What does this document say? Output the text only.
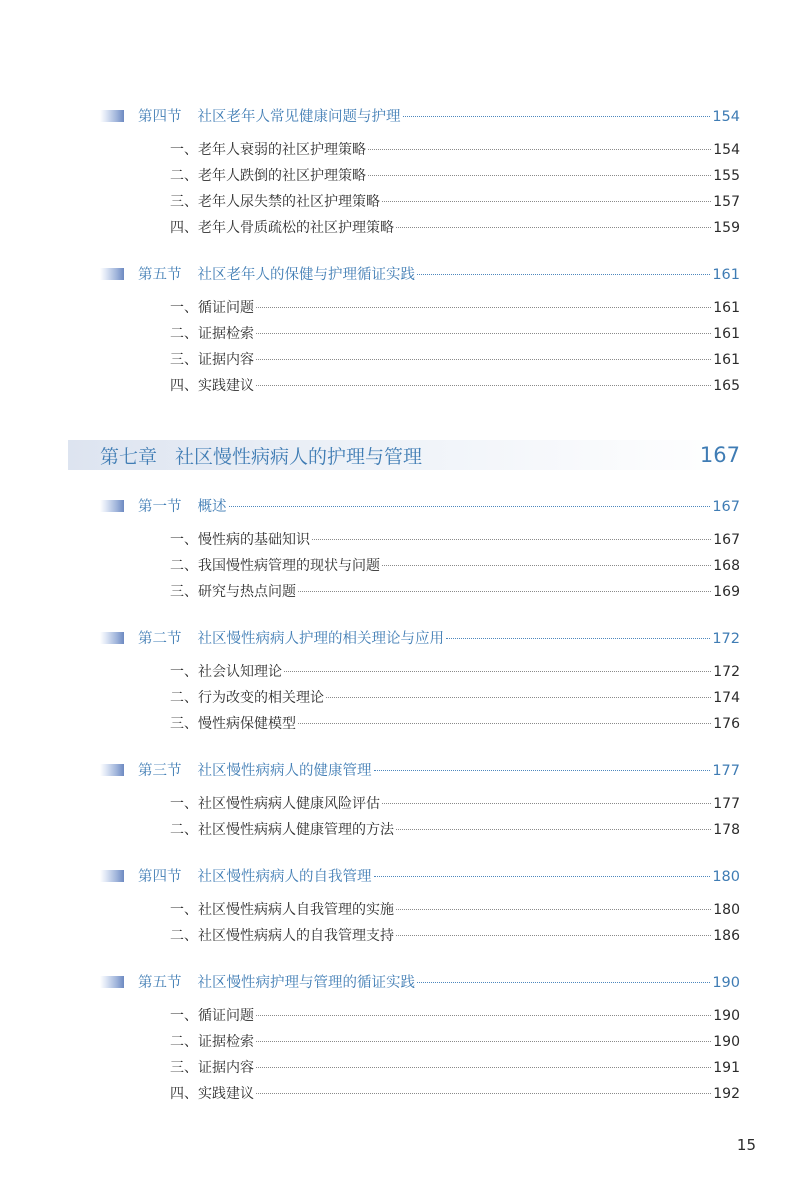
第四节 社区老年人常见健康问题与护理	154
一、老年人衰弱的社区护理策略	154
二、老年人跌倒的社区护理策略	155
三、老年人尿失禁的社区护理策略	157
四、老年人骨质疏松的社区护理策略	159
第五节 社区老年人的保健与护理循证实践	161
一、循证问题	161
二、证据检索	161
三、证据内容	161
四、实践建议	165
第七章 社区慢性病病人的护理与管理	167
第一节 概述	167
一、慢性病的基础知识	167
二、我国慢性病管理的现状与问题	168
三、研究与热点问题	169
第二节 社区慢性病病人护理的相关理论与应用	172
一、社会认知理论	172
二、行为改变的相关理论	174
三、慢性病保健模型	176
第三节 社区慢性病病人的健康管理	177
一、社区慢性病病人健康风险评估	177
二、社区慢性病病人健康管理的方法	178
第四节 社区慢性病病人的自我管理	180
一、社区慢性病病人自我管理的实施	180
二、社区慢性病病人的自我管理支持	186
第五节 社区慢性病护理与管理的循证实践	190
一、循证问题	190
二、证据检索	190
三、证据内容	191
四、实践建议	192
15
